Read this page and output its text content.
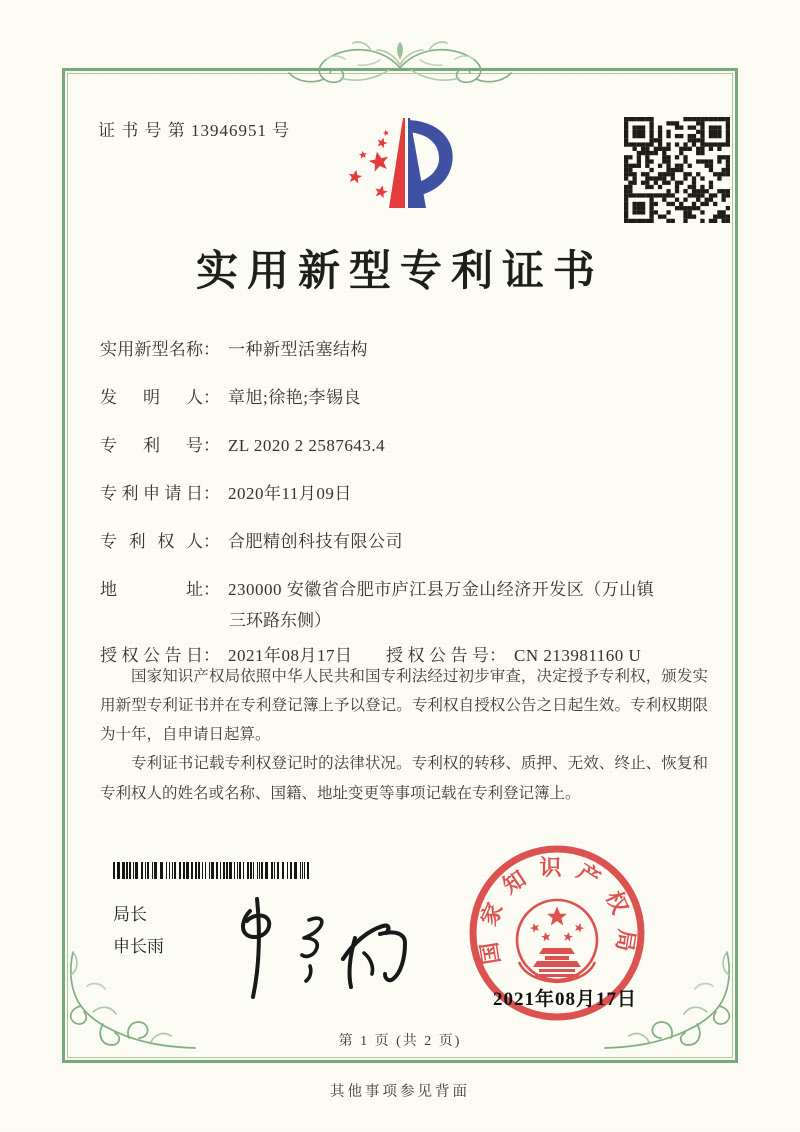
证 书 号 第 13946951 号
实用新型专利证书
实用新型名称： 一种新型活塞结构
发明人： 章旭;徐艳;李锡良
专利号： ZL 2020 2 2587643.4
专利申请日： 2020年11月09日
专利权人： 合肥精创科技有限公司
地址： 230000 安徽省合肥市庐江县万金山经济开发区（万山镇
三环路东侧）
授权公告日： 2021年08月17日 授权公告号： CN 213981160 U

国家知识产权局依照中华人民共和国专利法经过初步审查，决定授予专利权，颁发实用新型专利证书并在专利登记簿上予以登记。专利权自授权公告之日起生效。专利权期限为十年，自申请日起算。

专利证书记载专利权登记时的法律状况。专利权的转移、质押、无效、终止、恢复和专利权人的姓名或名称、国籍、地址变更等事项记载在专利登记簿上。

局长
申长雨	国家知识产权局
2021年08月17日
第 1 页 (共 2 页)
其他事项参见背面
